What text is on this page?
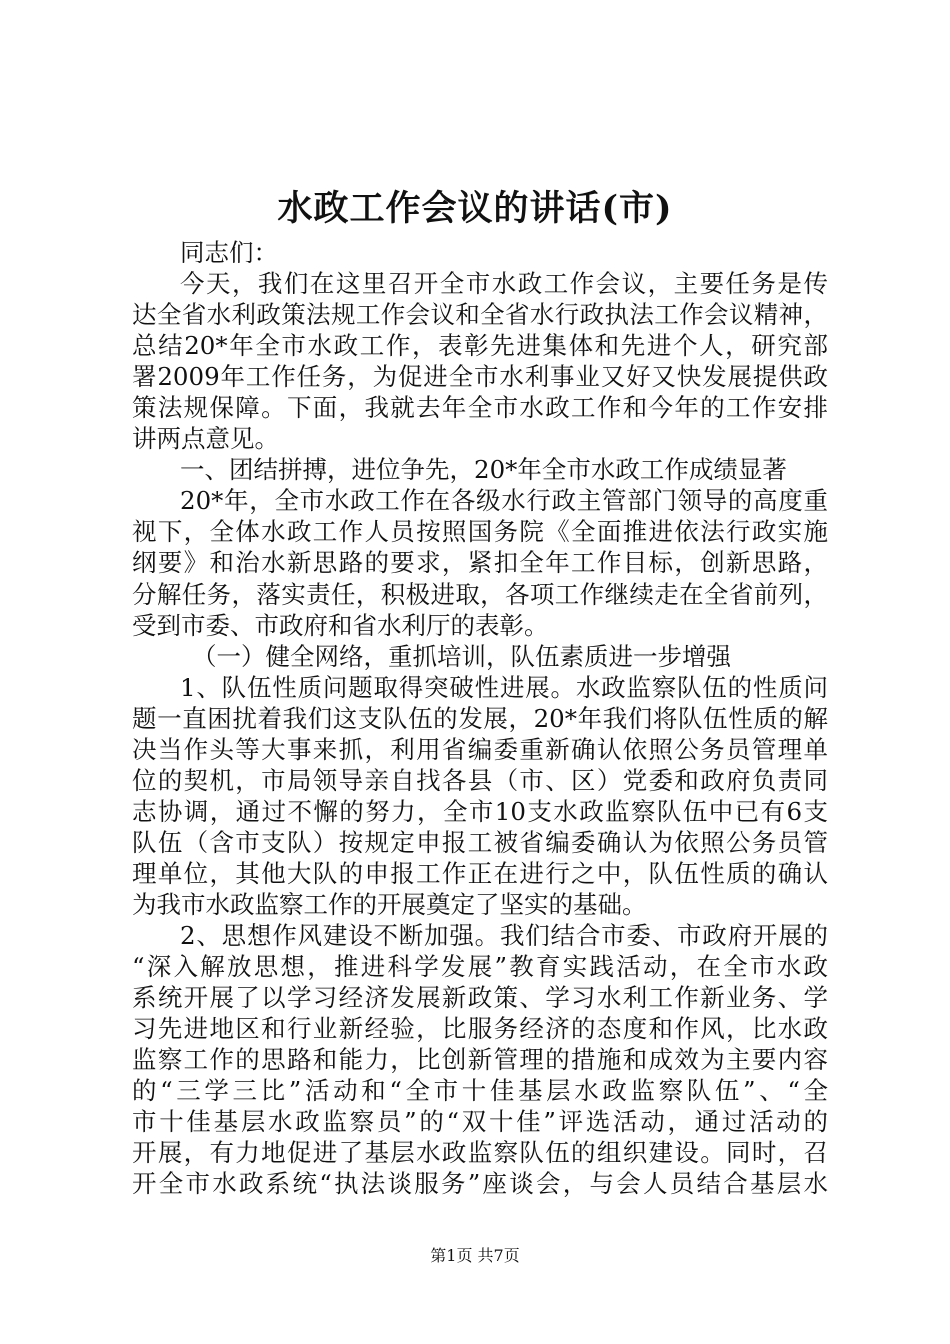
水政工作会议的讲话(市)
同志们：
今天，我们在这里召开全市水政工作会议，主要任务是传
达全省水利政策法规工作会议和全省水行政执法工作会议精神，
总结20*年全市水政工作，表彰先进集体和先进个人，研究部
署2009年工作任务，为促进全市水利事业又好又快发展提供政
策法规保障。下面，我就去年全市水政工作和今年的工作安排
讲两点意见。
一、团结拼搏，进位争先，20*年全市水政工作成绩显著
20*年，全市水政工作在各级水行政主管部门领导的高度重
视下，全体水政工作人员按照国务院《全面推进依法行政实施
纲要》和治水新思路的要求，紧扣全年工作目标，创新思路，
分解任务，落实责任，积极进取，各项工作继续走在全省前列，
受到市委、市政府和省水利厅的表彰。
（一）健全网络，重抓培训，队伍素质进一步增强
1、队伍性质问题取得突破性进展。水政监察队伍的性质问
题一直困扰着我们这支队伍的发展，20*年我们将队伍性质的解
决当作头等大事来抓，利用省编委重新确认依照公务员管理单
位的契机，市局领导亲自找各县（市、区）党委和政府负责同
志协调，通过不懈的努力，全市10支水政监察队伍中已有6支
队伍（含市支队）按规定申报工被省编委确认为依照公务员管
理单位，其他大队的申报工作正在进行之中，队伍性质的确认
为我市水政监察工作的开展奠定了坚实的基础。
2、思想作风建设不断加强。我们结合市委、市政府开展的
“深入解放思想，推进科学发展”教育实践活动，在全市水政
系统开展了以学习经济发展新政策、学习水利工作新业务、学
习先进地区和行业新经验，比服务经济的态度和作风，比水政
监察工作的思路和能力，比创新管理的措施和成效为主要内容
的“三学三比”活动和“全市十佳基层水政监察队伍”、“全
市十佳基层水政监察员”的“双十佳”评选活动，通过活动的
开展，有力地促进了基层水政监察队伍的组织建设。同时，召
开全市水政系统“执法谈服务”座谈会，与会人员结合基层水
第1页 共7页
